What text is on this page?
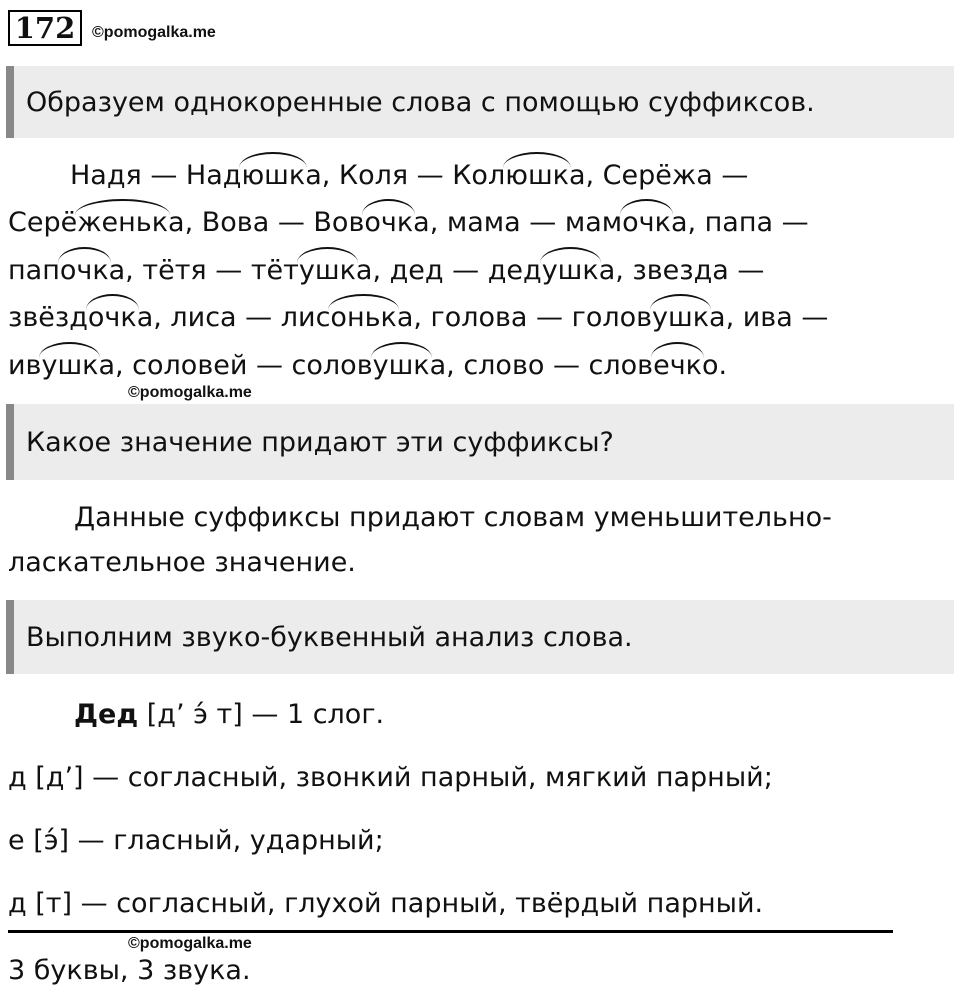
172	©pomogalka.me
Образуем однокоренные слова с помощью суффиксов.
Надя — Над
юшка, Коля — Кол
юшка, Серёжа —
Серё
женька, Вова — Вов
очка, мама — мам
очка, папа —
пап
очка, тётя — тёт
ушка, дед — дед
ушка, звезда —
звёзд
очка, лиса — лис
онька, голова — голов
ушка, ива —
ив
ушка, соловей — солов
ушка, слово — слов
ечко.
©pomogalka.me
Какое значение придают эти суффиксы?
Данные суффиксы придают словам уменьшительно-
ласкательное значение.
Выполним звуко-буквенный анализ слова.
Дед [д’ э́ т] — 1 слог.
д [д’] — согласный, звонкий парный, мягкий парный;
е [э́] — гласный, ударный;
д [т] — согласный, глухой парный, твёрдый парный.
©pomogalka.me
3 буквы, 3 звука.
